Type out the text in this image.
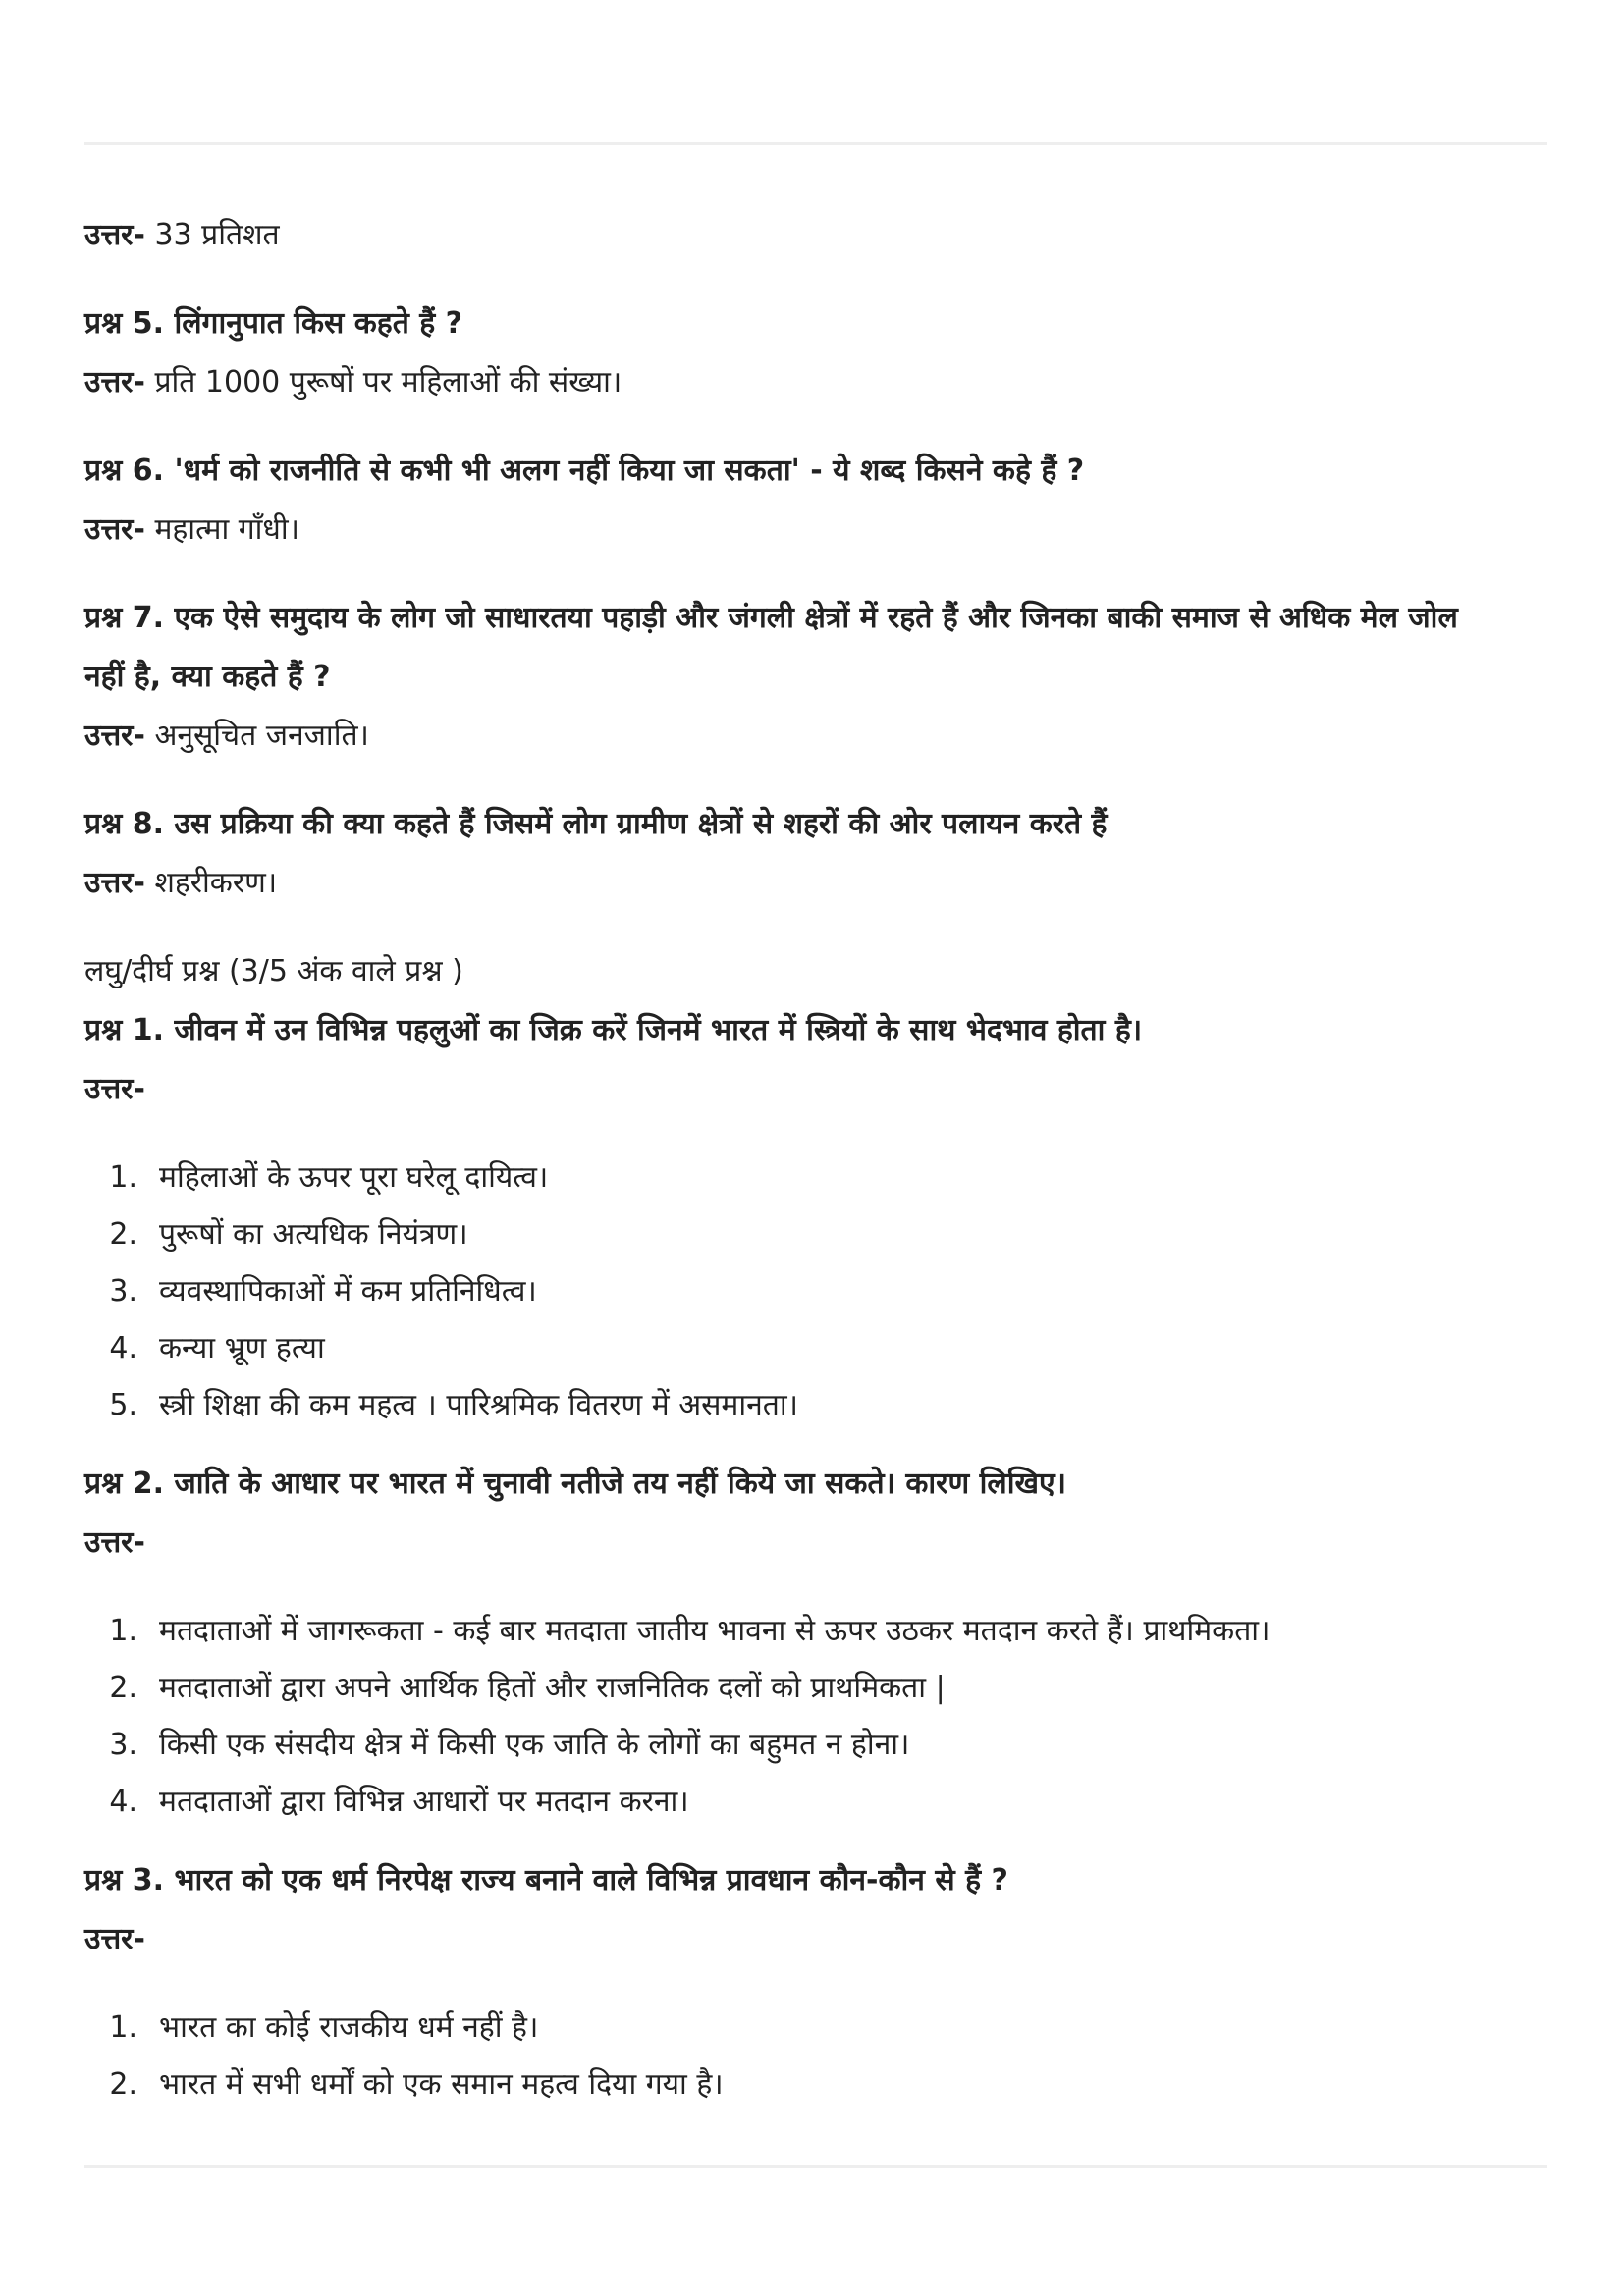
उत्तर- 33 प्रतिशत
प्रश्न 5. लिंगानुपात किस कहते हैं ?
उत्तर- प्रति 1000 पुरूषों पर महिलाओं की संख्या।
प्रश्न 6. 'धर्म को राजनीति से कभी भी अलग नहीं किया जा सकता' - ये शब्द किसने कहे हैं ?
उत्तर- महात्मा गाँधी।
प्रश्न 7. एक ऐसे समुदाय के लोग जो साधारतया पहाड़ी और जंगली क्षेत्रों में रहते हैं और जिनका बाकी समाज से अधिक मेल जोल
नहीं है, क्या कहते हैं ?
उत्तर- अनुसूचित जनजाति।
प्रश्न 8. उस प्रक्रिया की क्या कहते हैं जिसमें लोग ग्रामीण क्षेत्रों से शहरों की ओर पलायन करते हैं
उत्तर- शहरीकरण।
लघु/दीर्घ प्रश्न (3/5 अंक वाले प्रश्न )
प्रश्न 1. जीवन में उन विभिन्न पहलुओं का जिक्र करें जिनमें भारत में स्त्रियों के साथ भेदभाव होता है।
उत्तर-
1. महिलाओं के ऊपर पूरा घरेलू दायित्व।
2. पुरूषों का अत्यधिक नियंत्रण।
3. व्यवस्थापिकाओं में कम प्रतिनिधित्व।
4. कन्या भ्रूण हत्या
5. स्त्री शिक्षा की कम महत्व । पारिश्रमिक वितरण में असमानता।
प्रश्न 2. जाति के आधार पर भारत में चुनावी नतीजे तय नहीं किये जा सकते। कारण लिखिए।
उत्तर-
1. मतदाताओं में जागरूकता - कई बार मतदाता जातीय भावना से ऊपर उठकर मतदान करते हैं। प्राथमिकता।
2. मतदाताओं द्वारा अपने आर्थिक हितों और राजनितिक दलों को प्राथमिकता |
3. किसी एक संसदीय क्षेत्र में किसी एक जाति के लोगों का बहुमत न होना।
4. मतदाताओं द्वारा विभिन्न आधारों पर मतदान करना।
प्रश्न 3. भारत को एक धर्म निरपेक्ष राज्य बनाने वाले विभिन्न प्रावधान कौन-कौन से हैं ?
उत्तर-
1. भारत का कोई राजकीय धर्म नहीं है।
2. भारत में सभी धर्मों को एक समान महत्व दिया गया है।
